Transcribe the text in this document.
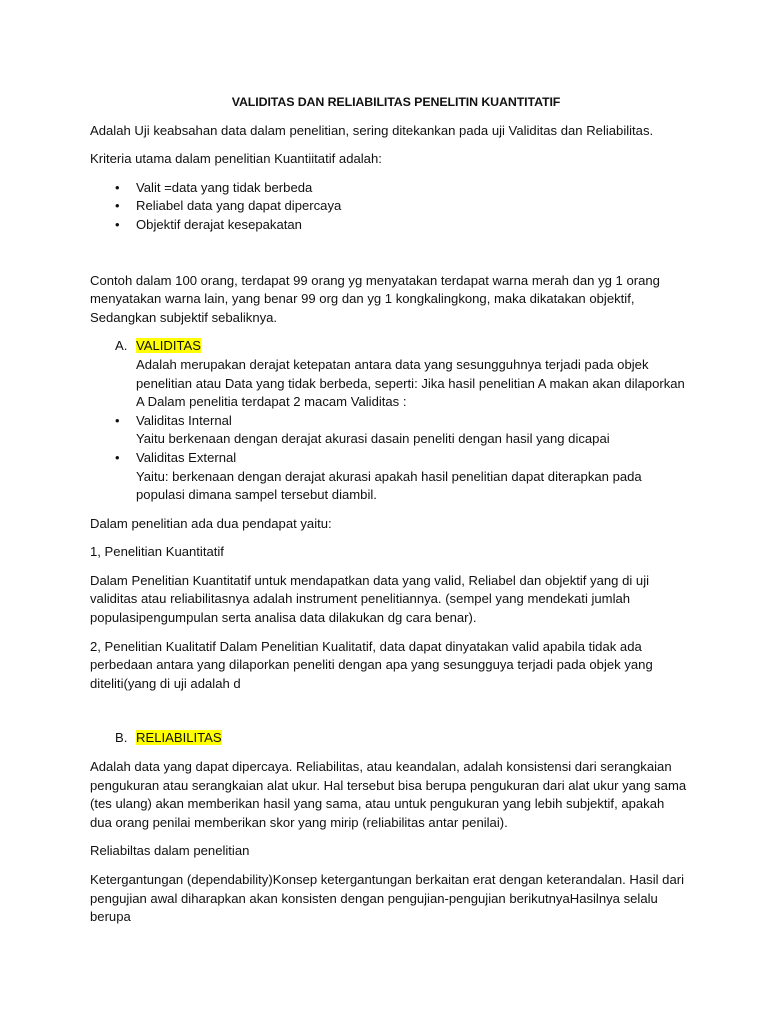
VALIDITAS DAN RELIABILITAS PENELITIN KUANTITATIF

Adalah Uji keabsahan data dalam penelitian, sering ditekankan pada uji Validitas dan Reliabilitas.

Kriteria utama dalam penelitian Kuantiitatif adalah:

• Valit =data yang tidak berbeda
• Reliabel data yang dapat dipercaya
• Objektif derajat kesepakatan

Contoh dalam 100 orang, terdapat 99 orang yg menyatakan terdapat warna merah dan yg 1 orang menyatakan warna lain, yang benar 99 org dan yg 1 kongkalingkong, maka dikatakan objektif, Sedangkan subjektif sebaliknya.

A. VALIDITAS

Adalah merupakan derajat ketepatan antara data yang sesungguhnya terjadi pada objek penelitian atau Data yang tidak berbeda, seperti: Jika hasil penelitian A makan akan dilaporkan A Dalam penelitia terdapat 2 macam Validitas :

• Validitas Internal
Yaitu berkenaan dengan derajat akurasi dasain peneliti dengan hasil yang dicapai
• Validitas External
Yaitu: berkenaan dengan derajat akurasi apakah hasil penelitian dapat diterapkan pada populasi dimana sampel tersebut diambil.

Dalam penelitian ada dua pendapat yaitu:

1, Penelitian Kuantitatif

Dalam Penelitian Kuantitatif untuk mendapatkan data yang valid, Reliabel dan objektif yang di uji validitas atau reliabilitasnya adalah instrument penelitiannya. (sempel yang mendekati jumlah populasipengumpulan serta analisa data dilakukan dg cara benar).

2, Penelitian Kualitatif Dalam Penelitian Kualitatif, data dapat dinyatakan valid apabila tidak ada perbedaan antara yang dilaporkan peneliti dengan apa yang sesungguya terjadi pada objek yang diteliti(yang di uji adalah d

B. RELIABILITAS

Adalah data yang dapat dipercaya. Reliabilitas, atau keandalan, adalah konsistensi dari serangkaian pengukuran atau serangkaian alat ukur. Hal tersebut bisa berupa pengukuran dari alat ukur yang sama (tes ulang) akan memberikan hasil yang sama, atau untuk pengukuran yang lebih subjektif, apakah dua orang penilai memberikan skor yang mirip (reliabilitas antar penilai).

Reliabiltas dalam penelitian

Ketergantungan (dependability)Konsep ketergantungan berkaitan erat dengan keterandalan. Hasil dari pengujian awal diharapkan akan konsisten dengan pengujian-pengujian berikutnyaHasilnya selalu berupa
